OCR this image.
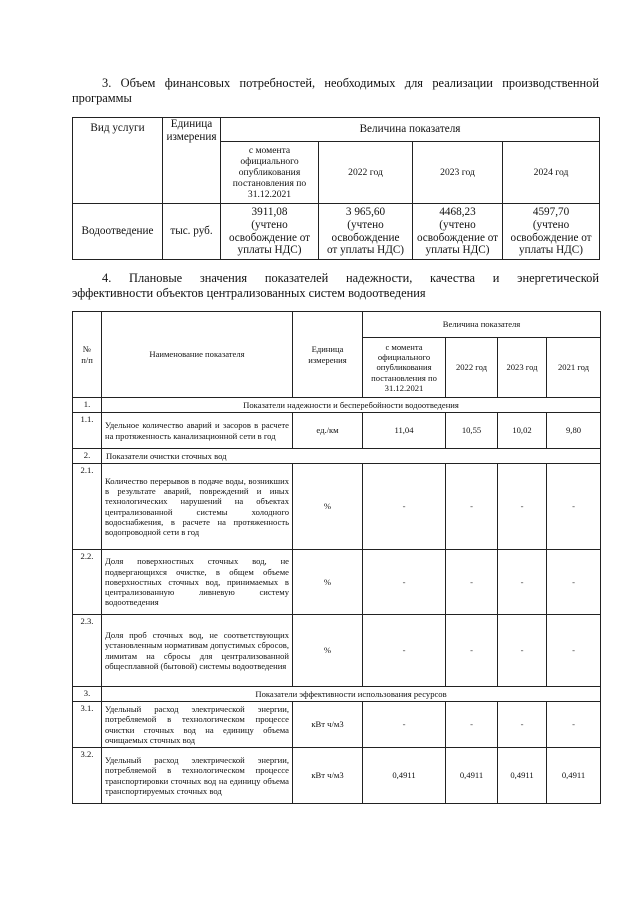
3. Объем финансовых потребностей, необходимых для реализации производственной
программы
Вид услуги	Единица
измерения	Величина показателя			
		с момента
официального
опубликования
постановления по
31.12.2021	2022 год	2023 год	2024 год
Водоотведение	тыс. руб.	3911,08
(учтено
освобождение от
уплаты НДС)	3 965,60
(учтено
освобождение
от уплаты НДС)	4468,23
(учтено
освобождение от
уплаты НДС)	4597,70
(учтено
освобождение от
уплаты НДС)
4. Плановые значения показателей надежности, качества и энергетической
эффективности объектов централизованных систем водоотведения
№
п/п	Наименование показателя	Единица
измерения	Величина показателя			
			с момента
официального
опубликования
постановления по
31.12.2021	2022 год	2023 год	2021 год
1.	Показатели надежности и бесперебойности водоотведения					
1.1.	Удельное количество аварий и засоров в расчете на протяженность канализационной сети в год	ед./км	11,04	10,55	10,02	9,80
2.	Показатели очистки сточных вод					
2.1.	Количество перерывов в подаче воды, возникших в результате аварий, повреждений и иных технологических нарушений на объектах централизованной системы холодного водоснабжения, в расчете на протяженность водопроводной сети в год	%	-	-	-	-
2.2.	Доля поверхностных сточных вод, не подвергающихся очистке, в общем объеме поверхностных сточных вод, принимаемых в централизованную ливневую систему водоотведения	%	-	-	-	-
2.3.	Доля проб сточных вод, не соответствующих установленным нормативам допустимых сбросов, лимитам на сбросы для централизованной общесплавной (бытовой) системы водоотведения	%	-	-	-	-
3.	Показатели эффективности использования ресурсов					
3.1.	Удельный расход электрической энергии, потребляемой в технологическом процессе очистки сточных вод на единицу объема очищаемых сточных вод	кВт ч/м3	-	-	-	-
3.2.	Удельный расход электрической энергии, потребляемой в технологическом процессе транспортировки сточных вод на единицу объема транспортируемых сточных вод	кВт ч/м3	0,4911	0,4911	0,4911	0,4911
